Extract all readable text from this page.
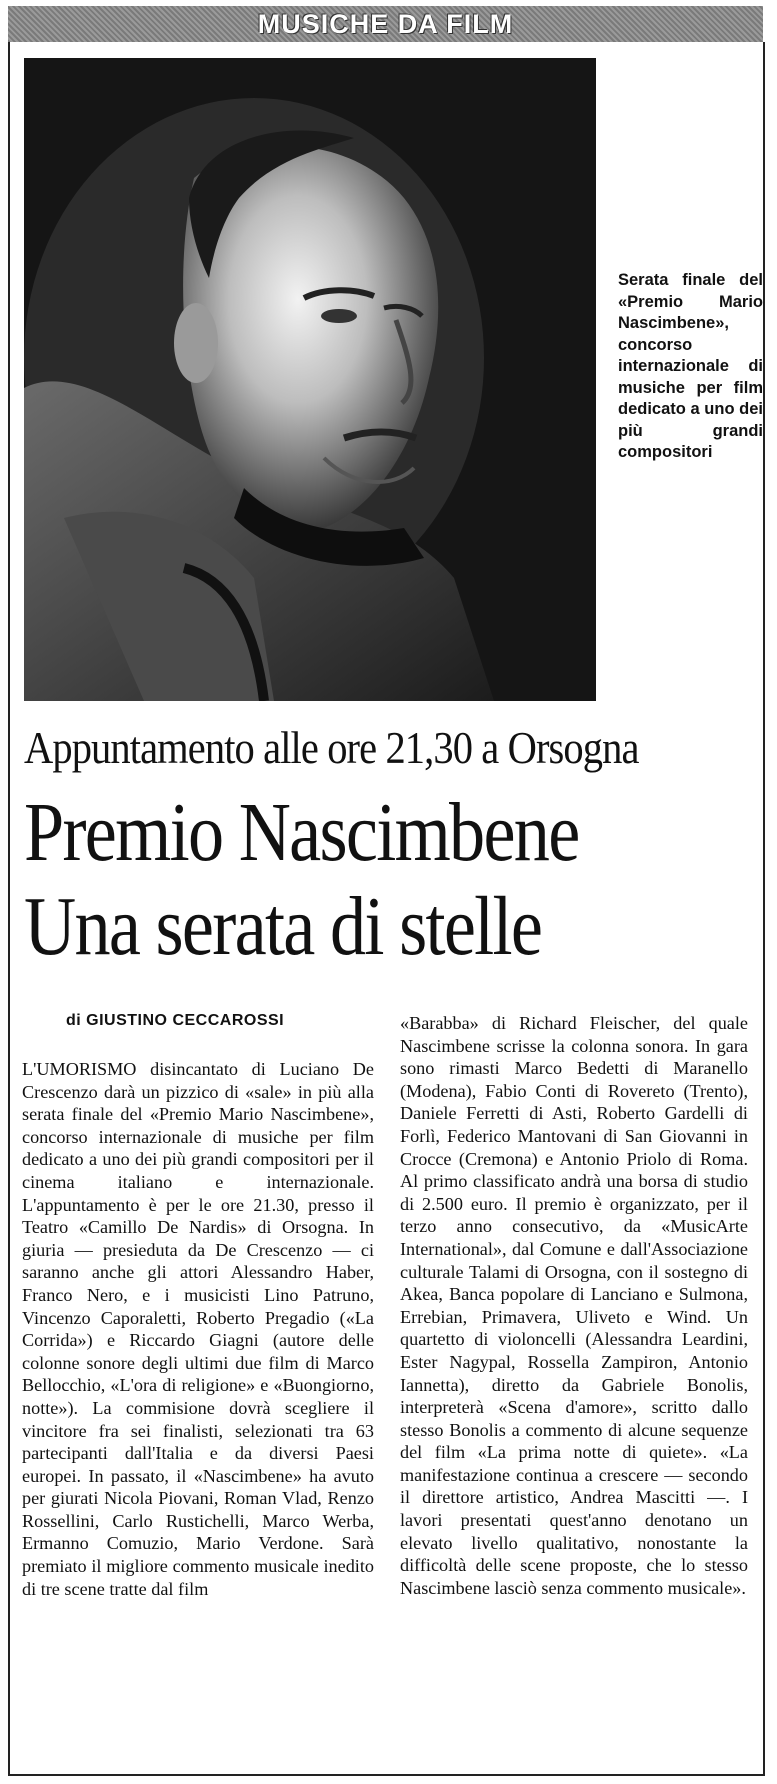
MUSICHE DA FILM
Serata finale del «Premio Mario Nascimbene», concorso internazionale di musiche per film dedicato a uno dei più grandi compositori
Appuntamento alle ore 21,30 a Orsogna
Premio Nascimbene
Una serata di stelle
di GIUSTINO CECCAROSSI

L'UMORISMO disincantato di Luciano De Crescenzo darà un pizzico di «sale» in più alla serata finale del «Premio Mario Nascimbene», concorso internazionale di musiche per film dedicato a uno dei più grandi compositori per il cinema italiano e internazionale. L'appuntamento è per le ore 21.30, presso il Teatro «Camillo De Nardis» di Orsogna. In giuria — presieduta da De Crescenzo — ci saranno anche gli attori Alessandro Haber, Franco Nero, e i musicisti Lino Patruno, Vincenzo Caporaletti, Roberto Pregadio («La Corrida») e Riccardo Giagni (autore delle colonne sonore degli ultimi due film di Marco Bellocchio, «L'ora di religione» e «Buongiorno, notte»). La commisione dovrà scegliere il vincitore fra sei finalisti, selezionati tra 63 partecipanti dall'Italia e da diversi Paesi europei. In passato, il «Nascimbene» ha avuto per giurati Nicola Piovani, Roman Vlad, Renzo Rossellini, Carlo Rustichelli, Marco Werba, Ermanno Comuzio, Mario Verdone. Sarà premiato il migliore commento musicale inedito di tre scene tratte dal film

«Barabba» di Richard Fleischer, del quale Nascimbene scrisse la colonna sonora. In gara sono rimasti Marco Bedetti di Maranello (Modena), Fabio Conti di Rovereto (Trento), Daniele Ferretti di Asti, Roberto Gardelli di Forlì, Federico Mantovani di San Giovanni in Crocce (Cremona) e Antonio Priolo di Roma. Al primo classificato andrà una borsa di studio di 2.500 euro. Il premio è organizzato, per il terzo anno consecutivo, da «MusicArte International», dal Comune e dall'Associazione culturale Talami di Orsogna, con il sostegno di Akea, Banca popolare di Lanciano e Sulmona, Errebian, Primavera, Uliveto e Wind. Un quartetto di violoncelli (Alessandra Leardini, Ester Nagypal, Rossella Zampiron, Antonio Iannetta), diretto da Gabriele Bonolis, interpreterà «Scena d'amore», scritto dallo stesso Bonolis a commento di alcune sequenze del film «La prima notte di quiete». «La manifestazione continua a crescere — secondo il direttore artistico, Andrea Mascitti —. I lavori presentati quest'anno denotano un elevato livello qualitativo, nonostante la difficoltà delle scene proposte, che lo stesso Nascimbene lasciò senza commento musicale».
